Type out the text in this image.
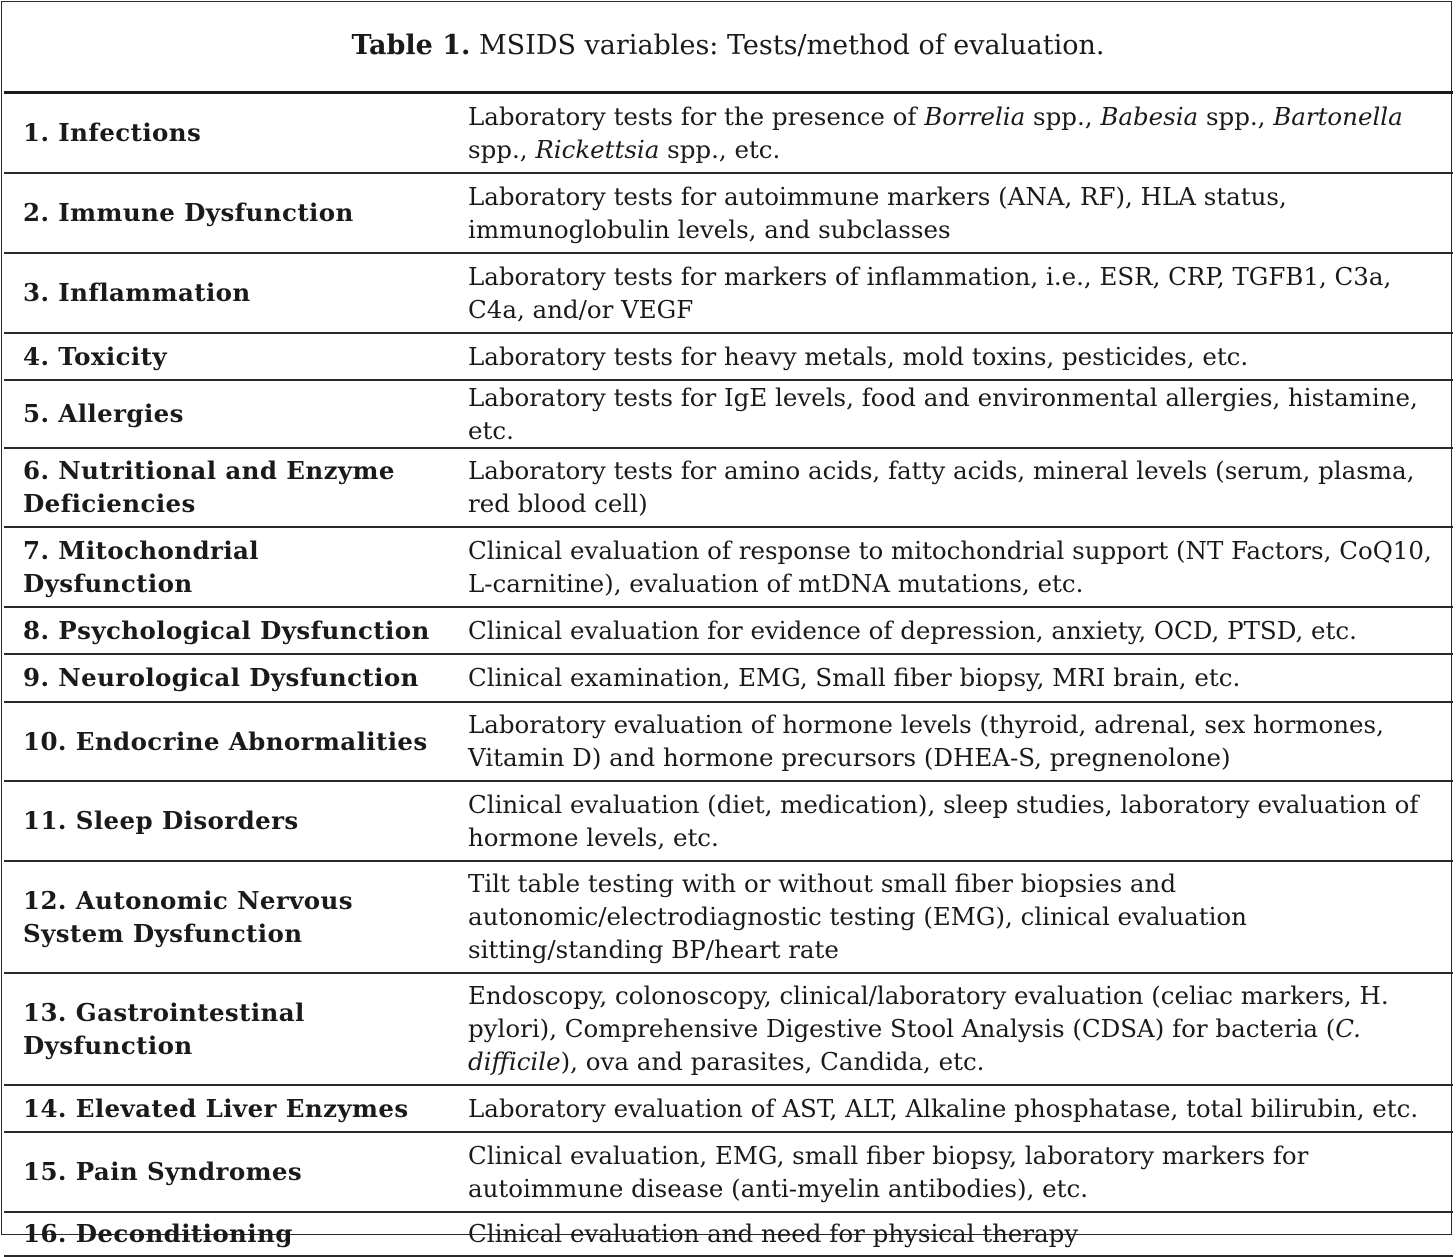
Table 1. MSIDS variables: Tests/method of evaluation.
1. Infections	Laboratory tests for the presence of Borrelia spp., Babesia spp., Bartonella spp., Rickettsia spp., etc.
2. Immune Dysfunction	Laboratory tests for autoimmune markers (ANA, RF), HLA status, immunoglobulin levels, and subclasses
3. Inflammation	Laboratory tests for markers of inflammation, i.e., ESR, CRP, TGFB1, C3a, C4a, and/or VEGF
4. Toxicity	Laboratory tests for heavy metals, mold toxins, pesticides, etc.
5. Allergies	Laboratory tests for IgE levels, food and environmental allergies, histamine, etc.
6. Nutritional and Enzyme Deficiencies	Laboratory tests for amino acids, fatty acids, mineral levels (serum, plasma, red blood cell)
7. Mitochondrial Dysfunction	Clinical evaluation of response to mitochondrial support (NT Factors, CoQ10, L-carnitine), evaluation of mtDNA mutations, etc.
8. Psychological Dysfunction	Clinical evaluation for evidence of depression, anxiety, OCD, PTSD, etc.
9. Neurological Dysfunction	Clinical examination, EMG, Small fiber biopsy, MRI brain, etc.
10. Endocrine Abnormalities	Laboratory evaluation of hormone levels (thyroid, adrenal, sex hormones, Vitamin D) and hormone precursors (DHEA-S, pregnenolone)
11. Sleep Disorders	Clinical evaluation (diet, medication), sleep studies, laboratory evaluation of hormone levels, etc.
12. Autonomic Nervous System Dysfunction	Tilt table testing with or without small fiber biopsies and autonomic/electrodiagnostic testing (EMG), clinical evaluation sitting/standing BP/heart rate
13. Gastrointestinal Dysfunction	Endoscopy, colonoscopy, clinical/laboratory evaluation (celiac markers, H. pylori), Comprehensive Digestive Stool Analysis (CDSA) for bacteria (C. difficile), ova and parasites, Candida, etc.
14. Elevated Liver Enzymes	Laboratory evaluation of AST, ALT, Alkaline phosphatase, total bilirubin, etc.
15. Pain Syndromes	Clinical evaluation, EMG, small fiber biopsy, laboratory markers for autoimmune disease (anti-myelin antibodies), etc.
16. Deconditioning	Clinical evaluation and need for physical therapy
